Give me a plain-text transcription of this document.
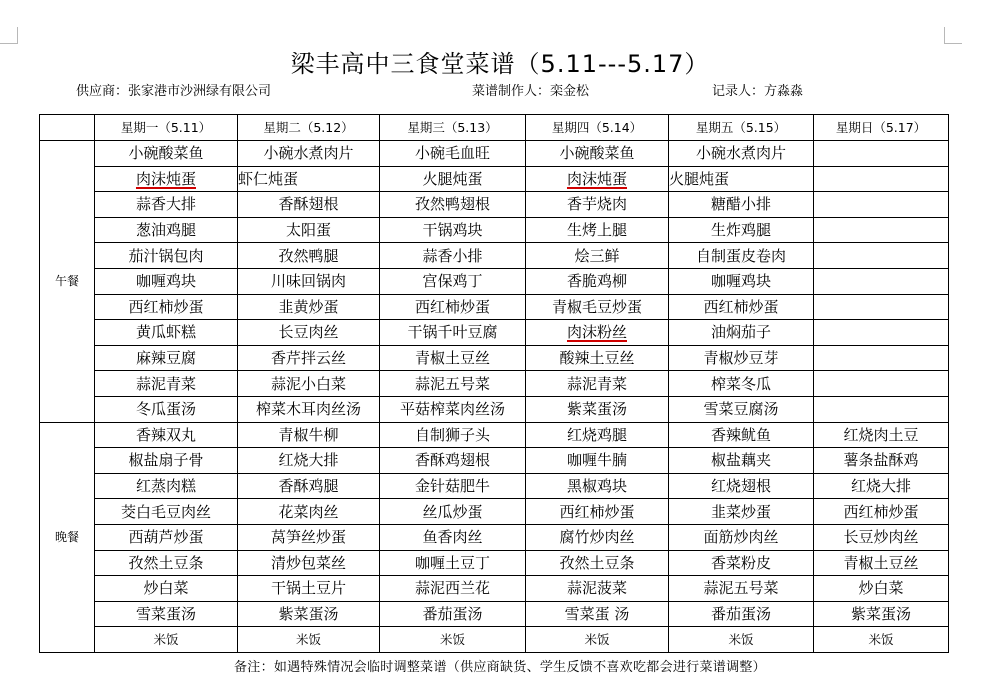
梁丰高中三食堂菜谱（5.11---5.17）
供应商：张家港市沙洲绿有限公司	菜谱制作人：栾金松	记录人：方淼淼
	星期一（5.11）	星期二（5.12）	星期三（5.13）	星期四（5.14）	星期五（5.15）	星期日（5.17）
午餐	小碗酸菜鱼	小碗水煮肉片	小碗毛血旺	小碗酸菜鱼	小碗水煮肉片	
	肉沫炖蛋	虾仁炖蛋	火腿炖蛋	肉沫炖蛋	火腿炖蛋	
	蒜香大排	香酥翅根	孜然鸭翅根	香芋烧肉	糖醋小排	
	葱油鸡腿	太阳蛋	干锅鸡块	生烤上腿	生炸鸡腿	
	茄汁锅包肉	孜然鸭腿	蒜香小排	烩三鲜	自制蛋皮卷肉	
	咖喱鸡块	川味回锅肉	宫保鸡丁	香脆鸡柳	咖喱鸡块	
	西红柿炒蛋	韭黄炒蛋	西红柿炒蛋	青椒毛豆炒蛋	西红柿炒蛋	
	黄瓜虾糕	长豆肉丝	干锅千叶豆腐	肉沫粉丝	油焖茄子	
	麻辣豆腐	香芹拌云丝	青椒土豆丝	酸辣土豆丝	青椒炒豆芽	
	蒜泥青菜	蒜泥小白菜	蒜泥五号菜	蒜泥青菜	榨菜冬瓜	
	冬瓜蛋汤	榨菜木耳肉丝汤	平菇榨菜肉丝汤	紫菜蛋汤	雪菜豆腐汤	
晚餐	香辣双丸	青椒牛柳	自制狮子头	红烧鸡腿	香辣鱿鱼	红烧肉土豆
	椒盐扇子骨	红烧大排	香酥鸡翅根	咖喱牛腩	椒盐藕夹	薯条盐酥鸡
	红蒸肉糕	香酥鸡腿	金针菇肥牛	黑椒鸡块	红烧翅根	红烧大排
	茭白毛豆肉丝	花菜肉丝	丝瓜炒蛋	西红柿炒蛋	韭菜炒蛋	西红柿炒蛋
	西葫芦炒蛋	莴笋丝炒蛋	鱼香肉丝	腐竹炒肉丝	面筋炒肉丝	长豆炒肉丝
	孜然土豆条	清炒包菜丝	咖喱土豆丁	孜然土豆条	香菜粉皮	青椒土豆丝
	炒白菜	干锅土豆片	蒜泥西兰花	蒜泥菠菜	蒜泥五号菜	炒白菜
	雪菜蛋汤	紫菜蛋汤	番茄蛋汤	雪菜蛋 汤	番茄蛋汤	紫菜蛋汤
	米饭	米饭	米饭	米饭	米饭	米饭
备注：如遇特殊情况会临时调整菜谱（供应商缺货、学生反馈不喜欢吃都会进行菜谱调整）
